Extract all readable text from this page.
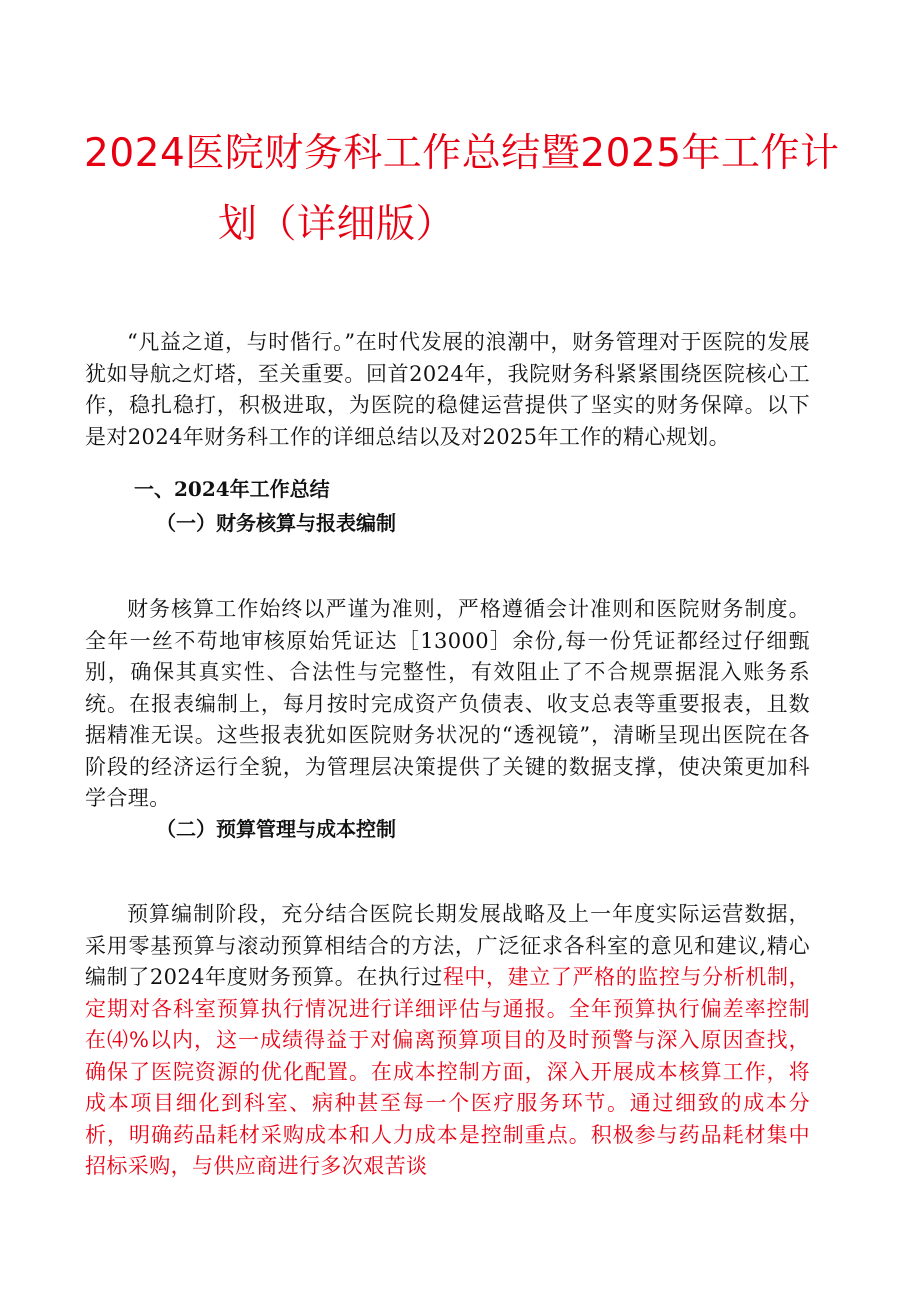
2024医院财务科工作总结暨2025年工作计
划（详细版）

“凡益之道，与时偕行。”在时代发展的浪潮中，财务管理对于医院的发展犹如导航之灯塔，至关重要。回首2024年，我院财务科紧紧围绕医院核心工作，稳扎稳打，积极进取，为医院的稳健运营提供了坚实的财务保障。以下是对2024年财务科工作的详细总结以及对2025年工作的精心规划。

一、2024年工作总结
（一）财务核算与报表编制

财务核算工作始终以严谨为准则，严格遵循会计准则和医院财务制度。全年一丝不苟地审核原始凭证达［13000］余份,每一份凭证都经过仔细甄别，确保其真实性、合法性与完整性，有效阻止了不合规票据混入账务系统。在报表编制上，每月按时完成资产负债表、收支总表等重要报表，且数据精准无误。这些报表犹如医院财务状况的“透视镜”，清晰呈现出医院在各阶段的经济运行全貌，为管理层决策提供了关键的数据支撑，使决策更加科学合理。

（二）预算管理与成本控制

预算编制阶段，充分结合医院长期发展战略及上一年度实际运营数据，采用零基预算与滚动预算相结合的方法，广泛征求各科室的意见和建议,精心编制了2024年度财务预算。在执行过程中，建立了严格的监控与分析机制，定期对各科室预算执行情况进行详细评估与通报。全年预算执行偏差率控制在⑷%以内，这一成绩得益于对偏离预算项目的及时预警与深入原因查找，确保了医院资源的优化配置。在成本控制方面，深入开展成本核算工作，将成本项目细化到科室、病种甚至每一个医疗服务环节。通过细致的成本分析，明确药品耗材采购成本和人力成本是控制重点。积极参与药品耗材集中招标采购，与供应商进行多次艰苦谈
